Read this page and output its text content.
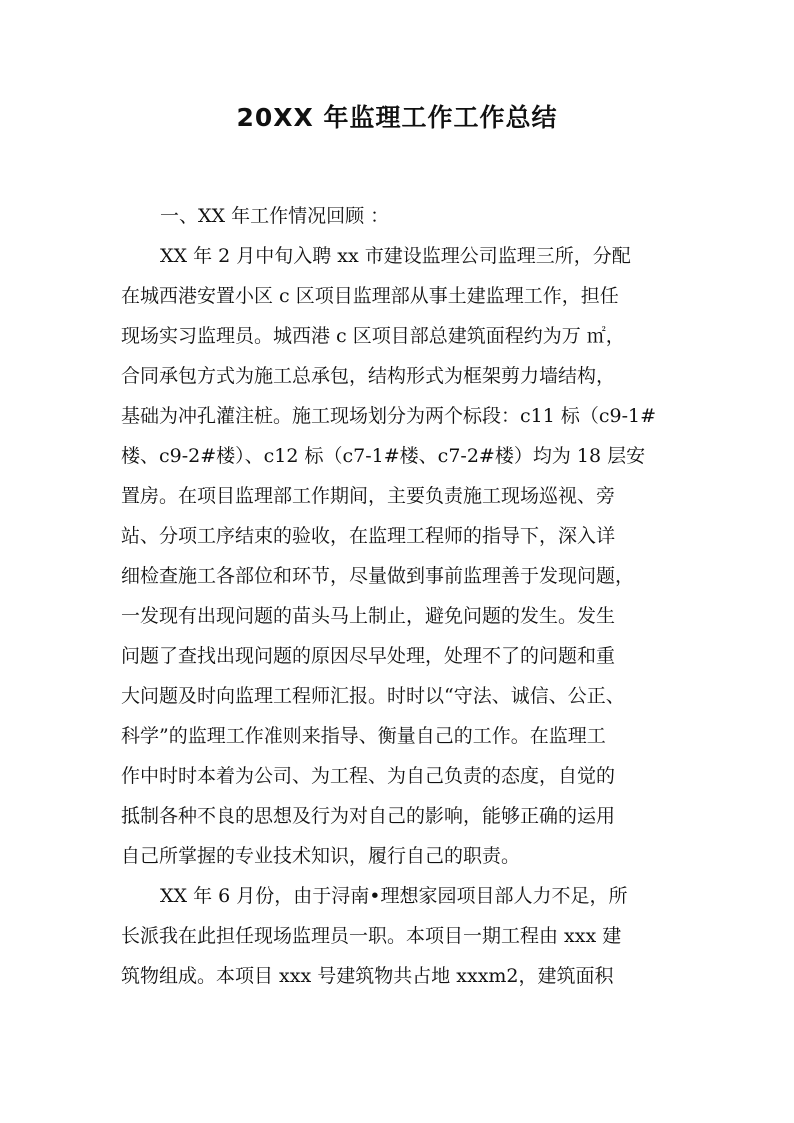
20XX 年监理工作工作总结
一、XX 年工作情况回顾 ：
XX 年 2 月中旬入聘 xx 市建设监理公司监理三所，分配
在城西港安置小区 c 区项目监理部从事土建监理工作，担任
现场实习监理员。城西港 c 区项目部总建筑面程约为万 ㎡，
合同承包方式为施工总承包，结构形式为框架剪力墙结构，
基础为冲孔灌注桩。施工现场划分为两个标段：c11 标（c9-1#
楼、c9-2#楼）、c12 标（c7-1#楼、c7-2#楼）均为 18 层安
置房。在项目监理部工作期间，主要负责施工现场巡视、旁
站、分项工序结束的验收，在监理工程师的指导下，深入详
细检查施工各部位和环节，尽量做到事前监理善于发现问题，
一发现有出现问题的苗头马上制止，避免问题的发生。发生
问题了查找出现问题的原因尽早处理，处理不了的问题和重
大问题及时向监理工程师汇报。时时以“守法、诚信、公正、
科学”的监理工作准则来指导、衡量自己的工作。在监理工
作中时时本着为公司、为工程、为自己负责的态度，自觉的
抵制各种不良的思想及行为对自己的影响，能够正确的运用
自己所掌握的专业技术知识，履行自己的职责。
XX 年 6 月份，由于浔南•理想家园项目部人力不足，所
长派我在此担任现场监理员一职。本项目一期工程由 xxx 建
筑物组成。本项目 xxx 号建筑物共占地 xxxm2，建筑面积
